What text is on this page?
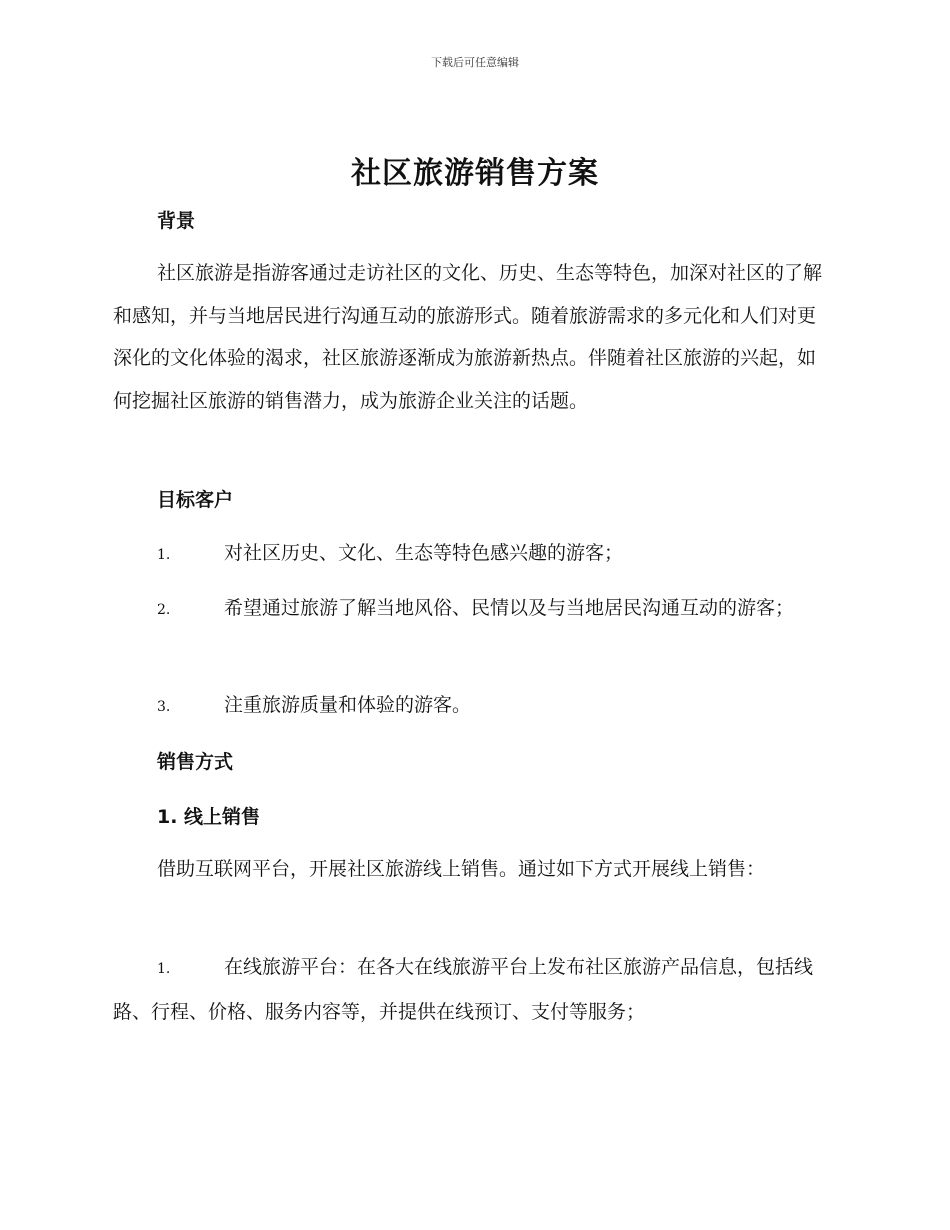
下载后可任意编辑
社区旅游销售方案
背景

社区旅游是指游客通过走访社区的文化、历史、生态等特色，加深对社区的了解和感知，并与当地居民进行沟通互动的旅游形式。随着旅游需求的多元化和人们对更深化的文化体验的渴求，社区旅游逐渐成为旅游新热点。伴随着社区旅游的兴起，如何挖掘社区旅游的销售潜力，成为旅游企业关注的话题。

目标客户

1.	对社区历史、文化、生态等特色感兴趣的游客；

2.	希望通过旅游了解当地风俗、民情以及与当地居民沟通互动的游客；

3.	注重旅游质量和体验的游客。

销售方式
1. 线上销售

借助互联网平台，开展社区旅游线上销售。通过如下方式开展线上销售：

1.	在线旅游平台：在各大在线旅游平台上发布社区旅游产品信息，包括线路、行程、价格、服务内容等，并提供在线预订、支付等服务；
